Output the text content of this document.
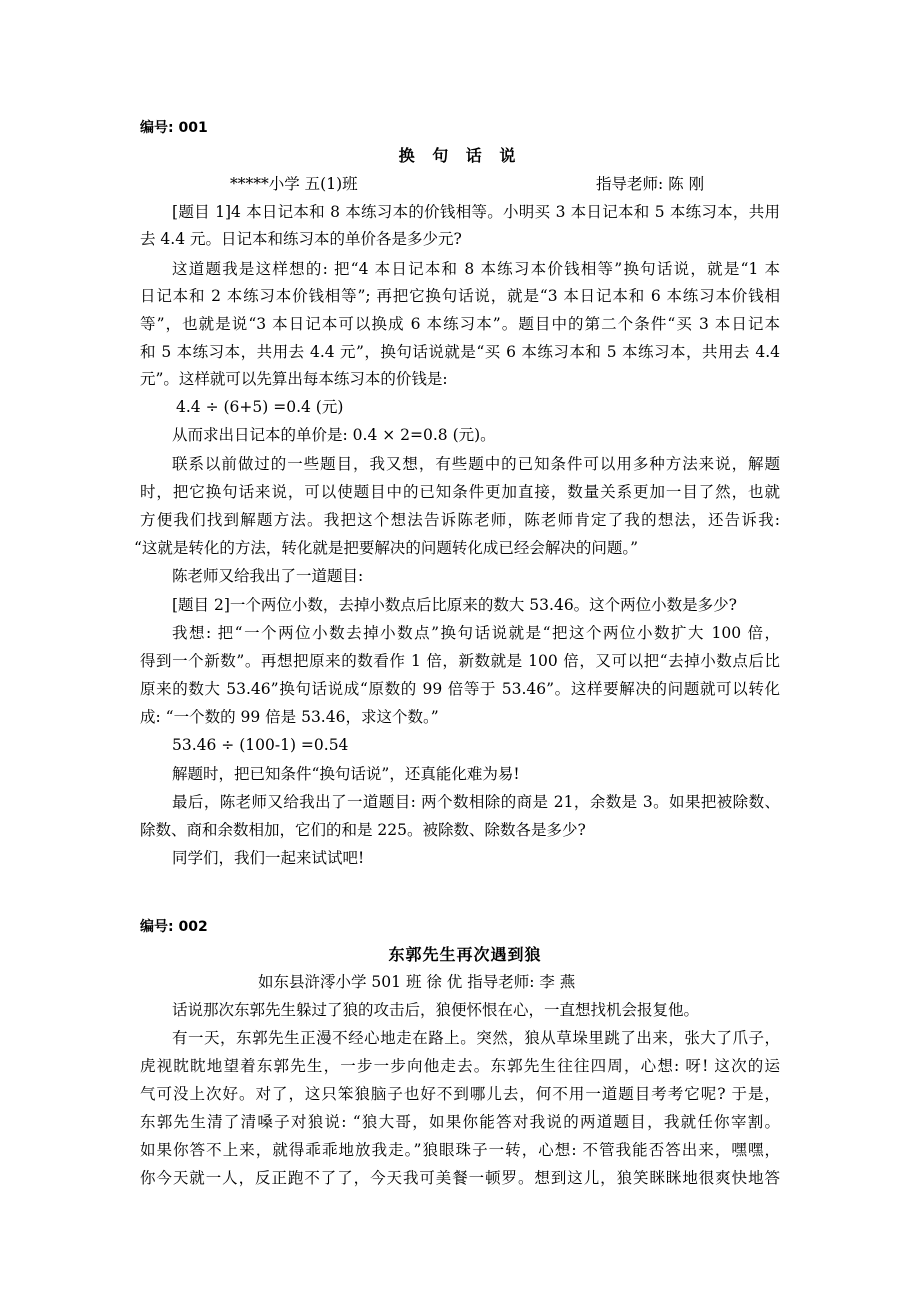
编号: 001
换 句 话 说
*****小学 五(1)班	指导老师: 陈 刚
[题目 1]4 本日记本和 8 本练习本的价钱相等。小明买 3 本日记本和 5 本练习本，共用
去 4.4 元。日记本和练习本的单价各是多少元?
这道题我是这样想的: 把“4 本日记本和 8 本练习本价钱相等”换句话说，就是“1 本
日记本和 2 本练习本价钱相等”; 再把它换句话说，就是“3 本日记本和 6 本练习本价钱相
等”，也就是说“3 本日记本可以换成 6 本练习本”。题目中的第二个条件“买 3 本日记本
和 5 本练习本，共用去 4.4 元”，换句话说就是“买 6 本练习本和 5 本练习本，共用去 4.4
元”。这样就可以先算出每本练习本的价钱是:
4.4 ÷ (6+5) =0.4 (元)
从而求出日记本的单价是: 0.4 × 2=0.8 (元)。
联系以前做过的一些题目，我又想，有些题中的已知条件可以用多种方法来说，解题
时，把它换句话来说，可以使题目中的已知条件更加直接，数量关系更加一目了然，也就
方便我们找到解题方法。我把这个想法告诉陈老师，陈老师肯定了我的想法，还告诉我:
“这就是转化的方法，转化就是把要解决的问题转化成已经会解决的问题。”
陈老师又给我出了一道题目:
[题目 2]一个两位小数，去掉小数点后比原来的数大 53.46。这个两位小数是多少?
我想: 把“一个两位小数去掉小数点”换句话说就是“把这个两位小数扩大 100 倍，
得到一个新数”。再想把原来的数看作 1 倍，新数就是 100 倍，又可以把“去掉小数点后比
原来的数大 53.46”换句话说成“原数的 99 倍等于 53.46”。这样要解决的问题就可以转化
成: “一个数的 99 倍是 53.46，求这个数。”
53.46 ÷ (100-1) =0.54
解题时，把已知条件“换句话说”，还真能化难为易!
最后，陈老师又给我出了一道题目: 两个数相除的商是 21，余数是 3。如果把被除数、
除数、商和余数相加，它们的和是 225。被除数、除数各是多少?
同学们，我们一起来试试吧!
编号: 002
东郭先生再次遇到狼
如东县浒澪小学 501 班 徐 优 指导老师: 李 燕
话说那次东郭先生躲过了狼的攻击后，狼便怀恨在心，一直想找机会报复他。
有一天，东郭先生正漫不经心地走在路上。突然，狼从草垛里跳了出来，张大了爪子，
虎视眈眈地望着东郭先生，一步一步向他走去。东郭先生往往四周，心想: 呀! 这次的运
气可没上次好。对了，这只笨狼脑子也好不到哪儿去，何不用一道题目考考它呢? 于是，
东郭先生清了清嗓子对狼说: “狼大哥，如果你能答对我说的两道题目，我就任你宰割。
如果你答不上来，就得乖乖地放我走。”狼眼珠子一转，心想: 不管我能否答出来，嘿嘿，
你今天就一人，反正跑不了了，今天我可美餐一顿罗。想到这儿，狼笑眯眯地很爽快地答
